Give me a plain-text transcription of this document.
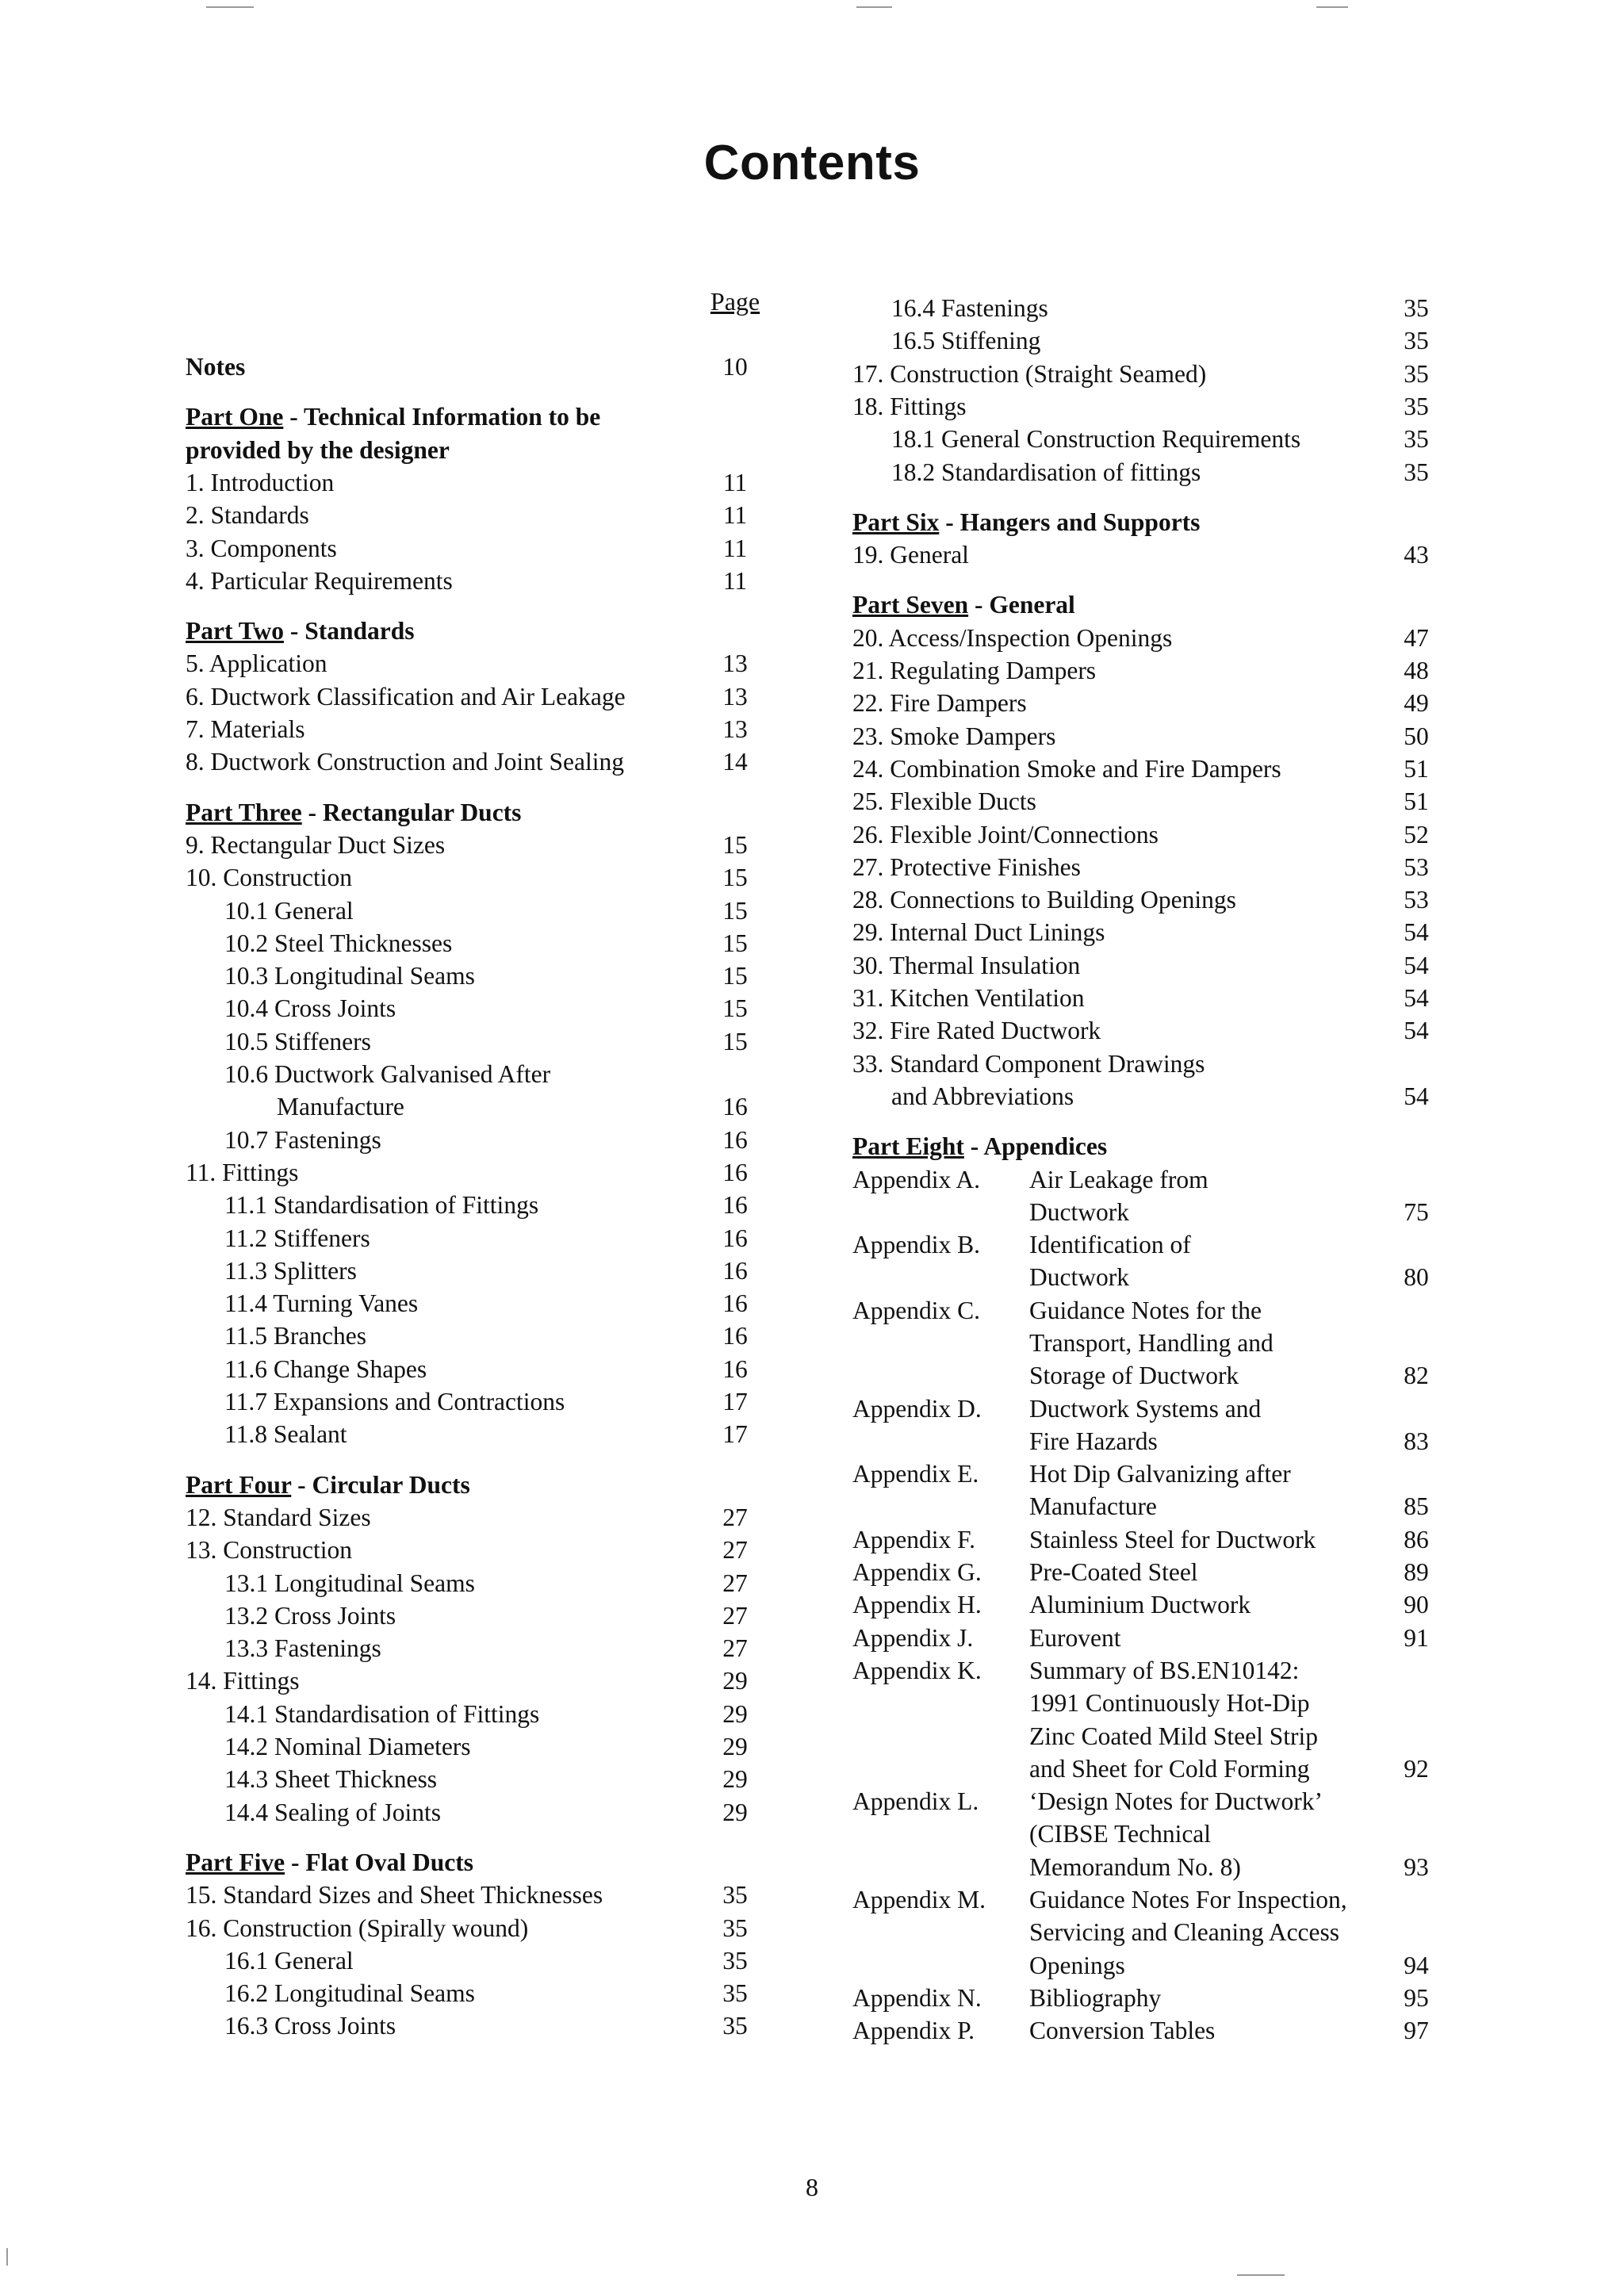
Contents
Page
Notes	10
Part One - Technical Information to be
provided by the designer
1. Introduction	11
2. Standards	11
3. Components	11
4. Particular Requirements	11
Part Two - Standards
5. Application	13
6. Ductwork Classification and Air Leakage	13
7. Materials	13
8. Ductwork Construction and Joint Sealing	14
Part Three - Rectangular Ducts
9. Rectangular Duct Sizes	15
10. Construction	15
10.1 General	15
10.2 Steel Thicknesses	15
10.3 Longitudinal Seams	15
10.4 Cross Joints	15
10.5 Stiffeners	15
10.6 Ductwork Galvanised After
Manufacture	16
10.7 Fastenings	16
11. Fittings	16
11.1 Standardisation of Fittings	16
11.2 Stiffeners	16
11.3 Splitters	16
11.4 Turning Vanes	16
11.5 Branches	16
11.6 Change Shapes	16
11.7 Expansions and Contractions	17
11.8 Sealant	17
Part Four - Circular Ducts
12. Standard Sizes	27
13. Construction	27
13.1 Longitudinal Seams	27
13.2 Cross Joints	27
13.3 Fastenings	27
14. Fittings	29
14.1 Standardisation of Fittings	29
14.2 Nominal Diameters	29
14.3 Sheet Thickness	29
14.4 Sealing of Joints	29
Part Five - Flat Oval Ducts
15. Standard Sizes and Sheet Thicknesses	35
16. Construction (Spirally wound)	35
16.1 General	35
16.2 Longitudinal Seams	35
16.3 Cross Joints	35
16.4 Fastenings	35
16.5 Stiffening	35
17. Construction (Straight Seamed)	35
18. Fittings	35
18.1 General Construction Requirements	35
18.2 Standardisation of fittings	35
Part Six - Hangers and Supports
19. General	43
Part Seven - General
20. Access/Inspection Openings	47
21. Regulating Dampers	48
22. Fire Dampers	49
23. Smoke Dampers	50
24. Combination Smoke and Fire Dampers	51
25. Flexible Ducts	51
26. Flexible Joint/Connections	52
27. Protective Finishes	53
28. Connections to Building Openings	53
29. Internal Duct Linings	54
30. Thermal Insulation	54
31. Kitchen Ventilation	54
32. Fire Rated Ductwork	54
33. Standard Component Drawings
and Abbreviations	54
Part Eight - Appendices
Appendix A. Air Leakage from
Ductwork	75
Appendix B. Identification of
Ductwork	80
Appendix C. Guidance Notes for the
Transport, Handling and
Storage of Ductwork	82
Appendix D. Ductwork Systems and
Fire Hazards	83
Appendix E. Hot Dip Galvanizing after
Manufacture	85
Appendix F. Stainless Steel for Ductwork	86
Appendix G. Pre-Coated Steel	89
Appendix H. Aluminium Ductwork	90
Appendix J. Eurovent	91
Appendix K. Summary of BS.EN10142:
1991 Continuously Hot-Dip
Zinc Coated Mild Steel Strip
and Sheet for Cold Forming	92
Appendix L. ‘Design Notes for Ductwork’
(CIBSE Technical
Memorandum No. 8)	93
Appendix M. Guidance Notes For Inspection,
Servicing and Cleaning Access
Openings	94
Appendix N. Bibliography	95
Appendix P. Conversion Tables	97
8
